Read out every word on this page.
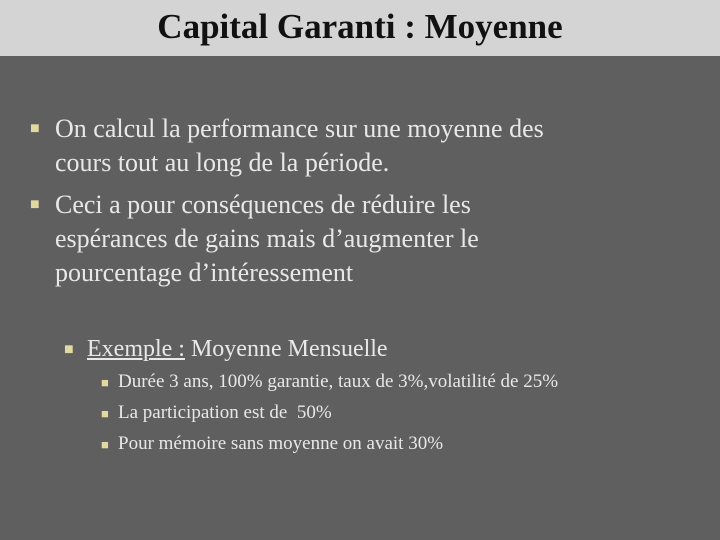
Capital Garanti : Moyenne
■ On calcul la performance sur une moyenne des
cours tout au long de la période.
■ Ceci a pour conséquences de réduire les
espérances de gains mais d’augmenter le
pourcentage d’intéressement
■ Exemple : Moyenne Mensuelle
■ Durée 3 ans, 100% garantie, taux de 3%,volatilité de 25%
■ La participation est de  50%
■ Pour mémoire sans moyenne on avait 30%
